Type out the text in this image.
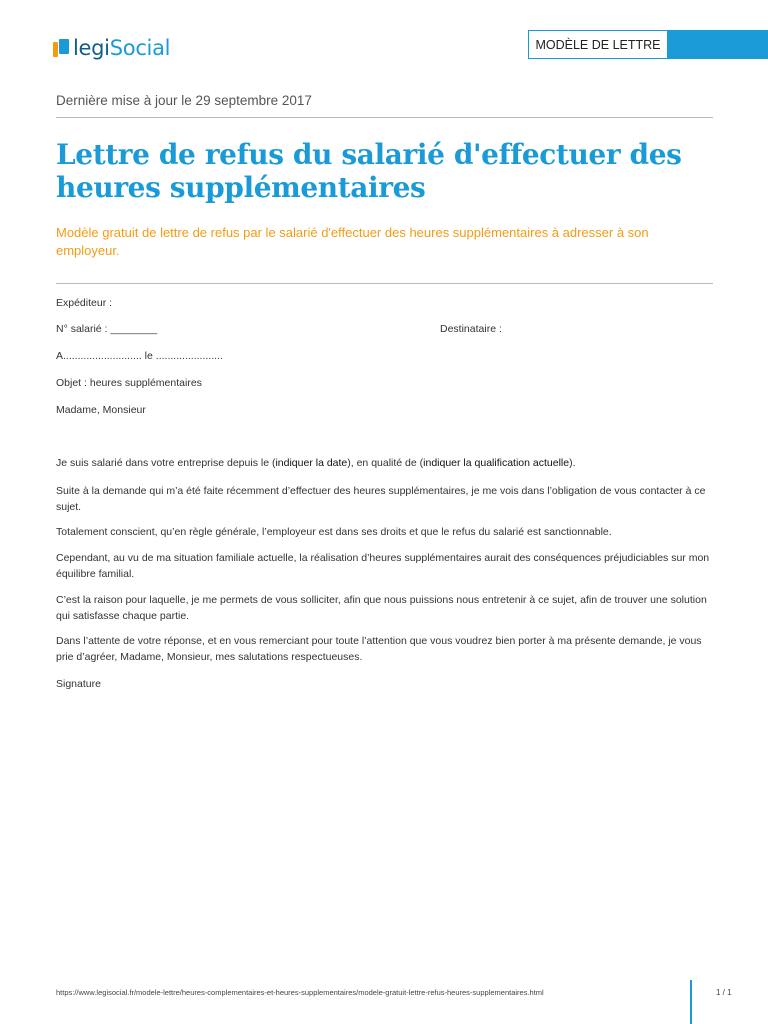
legiSocial	MODÈLE DE LETTRE
Dernière mise à jour le 29 septembre 2017
Lettre de refus du salarié d'effectuer des heures supplémentaires
Modèle gratuit de lettre de refus par le salarié d'effectuer des heures supplémentaires à adresser à son employeur.
Expéditeur :
N° salarié : ________	Destinataire :
A........................... le .......................
Objet : heures supplémentaires
Madame, Monsieur
Je suis salarié dans votre entreprise depuis le (indiquer la date), en qualité de (indiquer la qualification actuelle).
Suite à la demande qui m’a été faite récemment d’effectuer des heures supplémentaires, je me vois dans l’obligation de vous contacter à ce sujet.
Totalement conscient, qu’en règle générale, l’employeur est dans ses droits et que le refus du salarié est sanctionnable.
Cependant, au vu de ma situation familiale actuelle, la réalisation d’heures supplémentaires aurait des conséquences préjudiciables sur mon équilibre familial.
C’est la raison pour laquelle, je me permets de vous solliciter, afin que nous puissions nous entretenir à ce sujet, afin de trouver une solution qui satisfasse chaque partie.
Dans l’attente de votre réponse, et en vous remerciant pour toute l’attention que vous voudrez bien porter à ma présente demande, je vous prie d’agréer, Madame, Monsieur, mes salutations respectueuses.
Signature
https://www.legisocial.fr/modele-lettre/heures-complementaires-et-heures-supplementaires/modele-gratuit-lettre-refus-heures-supplementaires.html	1 / 1
